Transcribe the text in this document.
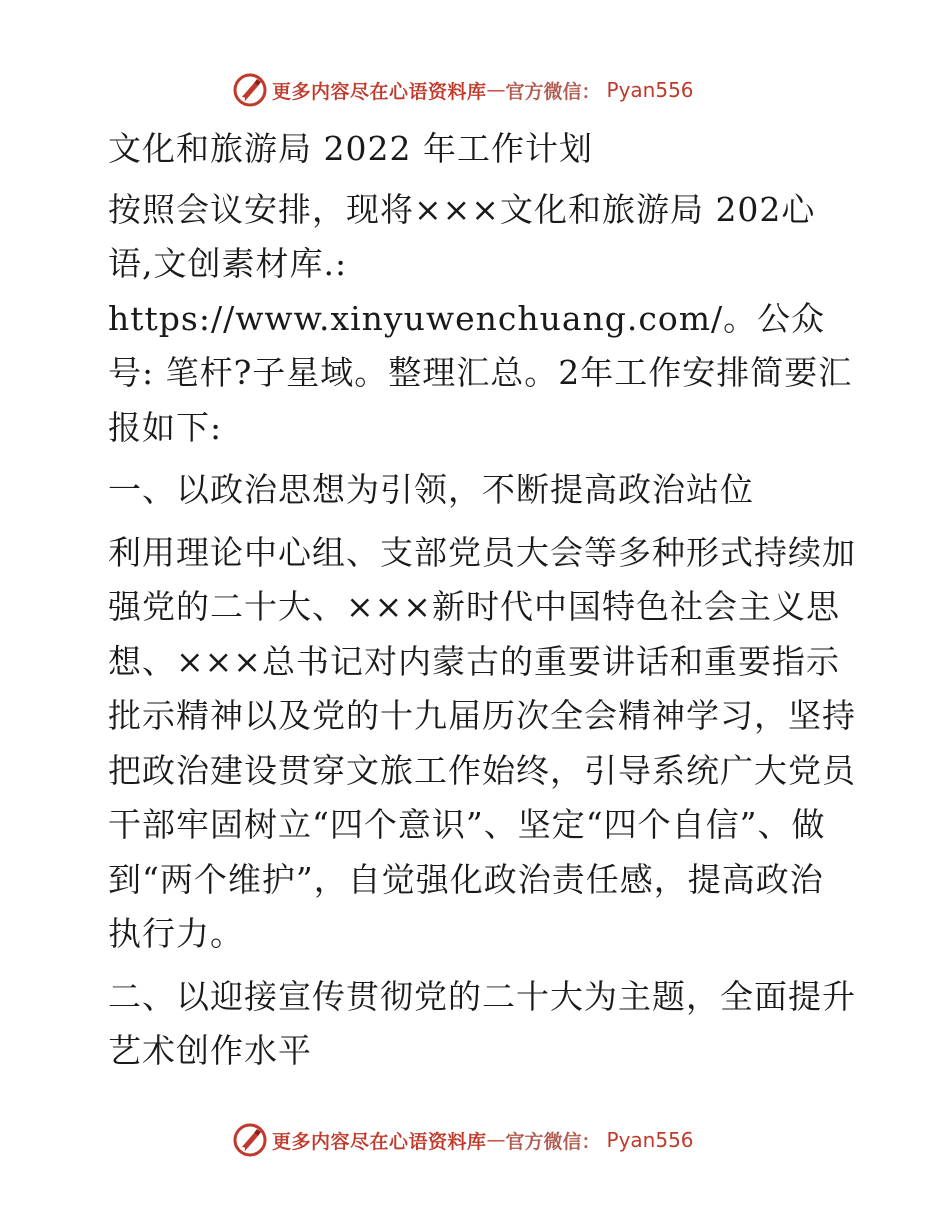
更多内容尽在心语资料库 — 官方微信： Pyan556

文化和旅游局 2022 年工作计划

按照会议安排，现将×××文化和旅游局 202心语,文创素材库.: https://www.xinyuwenchuang.com/。公众号: 笔杆?子星域。整理汇总。2年工作安排简要汇报如下:

一、以政治思想为引领，不断提高政治站位

利用理论中心组、支部党员大会等多种形式持续加强党的二十大、×××新时代中国特色社会主义思想、×××总书记对内蒙古的重要讲话和重要指示批示精神以及党的十九届历次全会精神学习，坚持把政治建设贯穿文旅工作始终，引导系统广大党员干部牢固树立“四个意识”、坚定“四个自信”、做到“两个维护”，自觉强化政治责任感，提高政治执行力。

二、以迎接宣传贯彻党的二十大为主题，全面提升艺术创作水平

更多内容尽在心语资料库 — 官方微信： Pyan556
